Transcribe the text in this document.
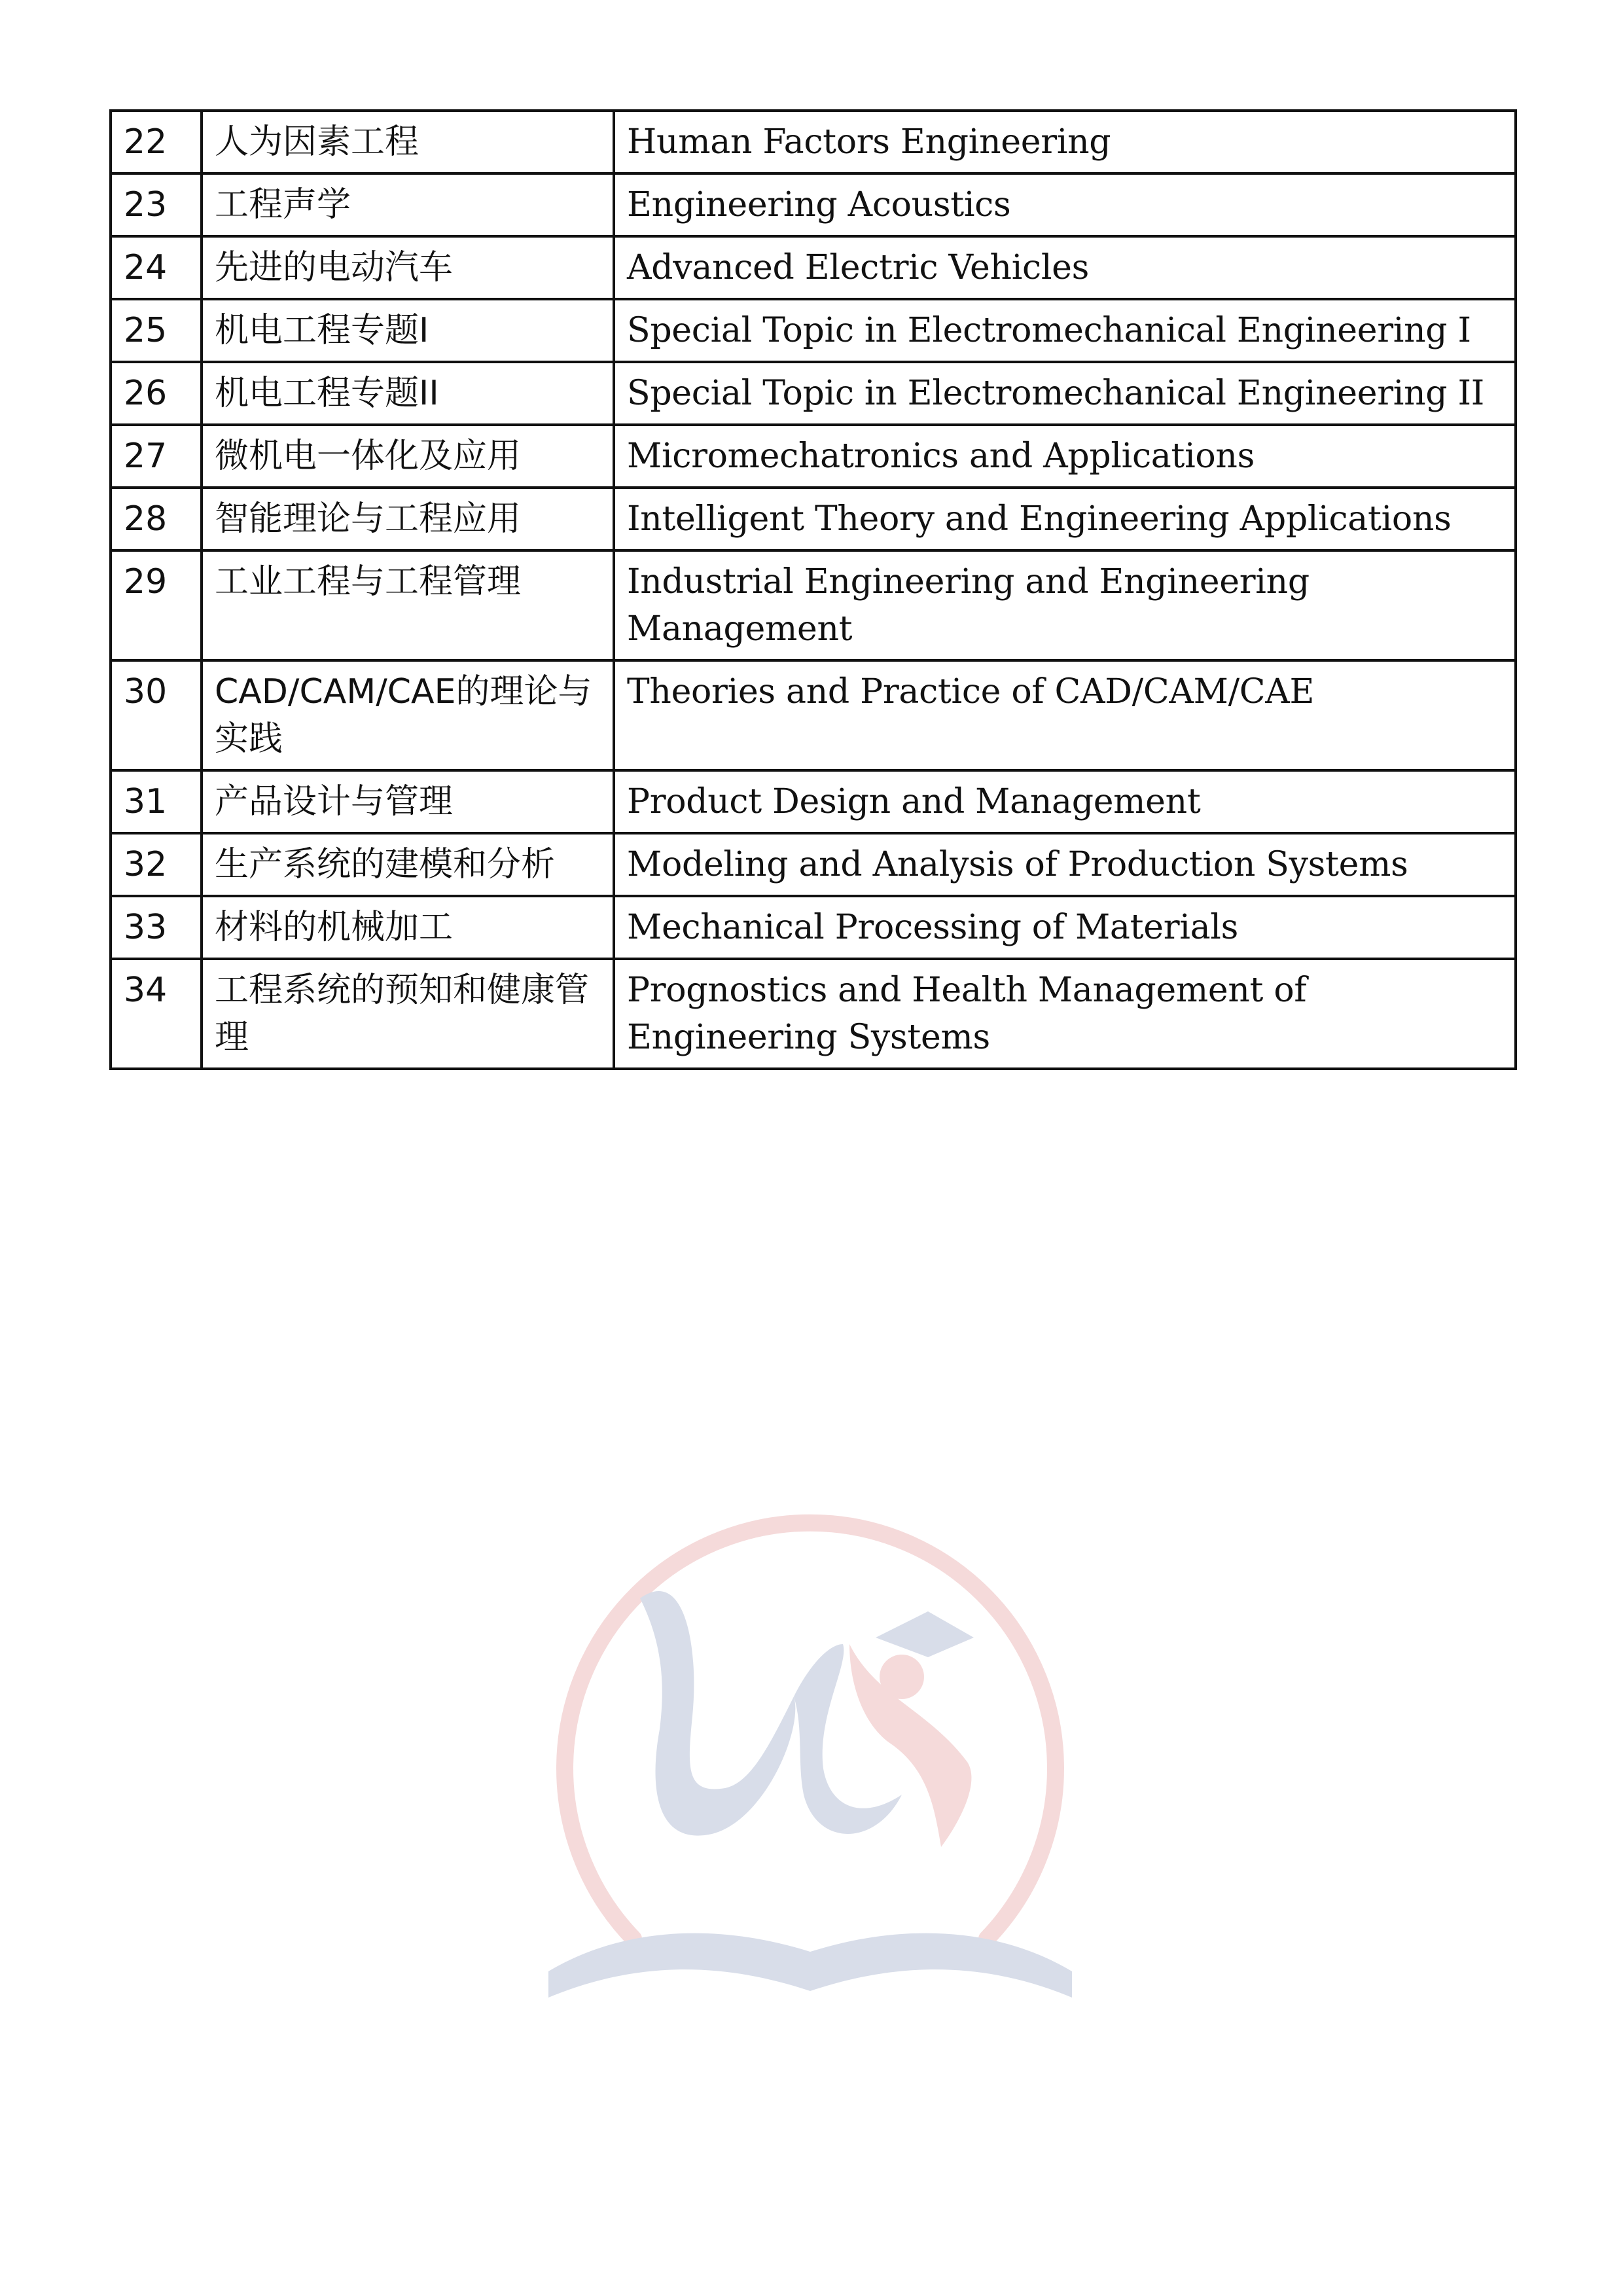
22	人为因素工程	Human Factors Engineering
23	工程声学	Engineering Acoustics
24	先进的电动汽车	Advanced Electric Vehicles
25	机电工程专题I	Special Topic in Electromechanical Engineering I
26	机电工程专题II	Special Topic in Electromechanical Engineering II
27	微机电一体化及应用	Micromechatronics and Applications
28	智能理论与工程应用	Intelligent Theory and Engineering Applications
29	工业工程与工程管理	Industrial Engineering and Engineering Management
30	CAD/CAM/CAE的理论与实践	Theories and Practice of CAD/CAM/CAE
31	产品设计与管理	Product Design and Management
32	生产系统的建模和分析	Modeling and Analysis of Production Systems
33	材料的机械加工	Mechanical Processing of Materials
34	工程系统的预知和健康管理	Prognostics and Health Management of Engineering Systems
